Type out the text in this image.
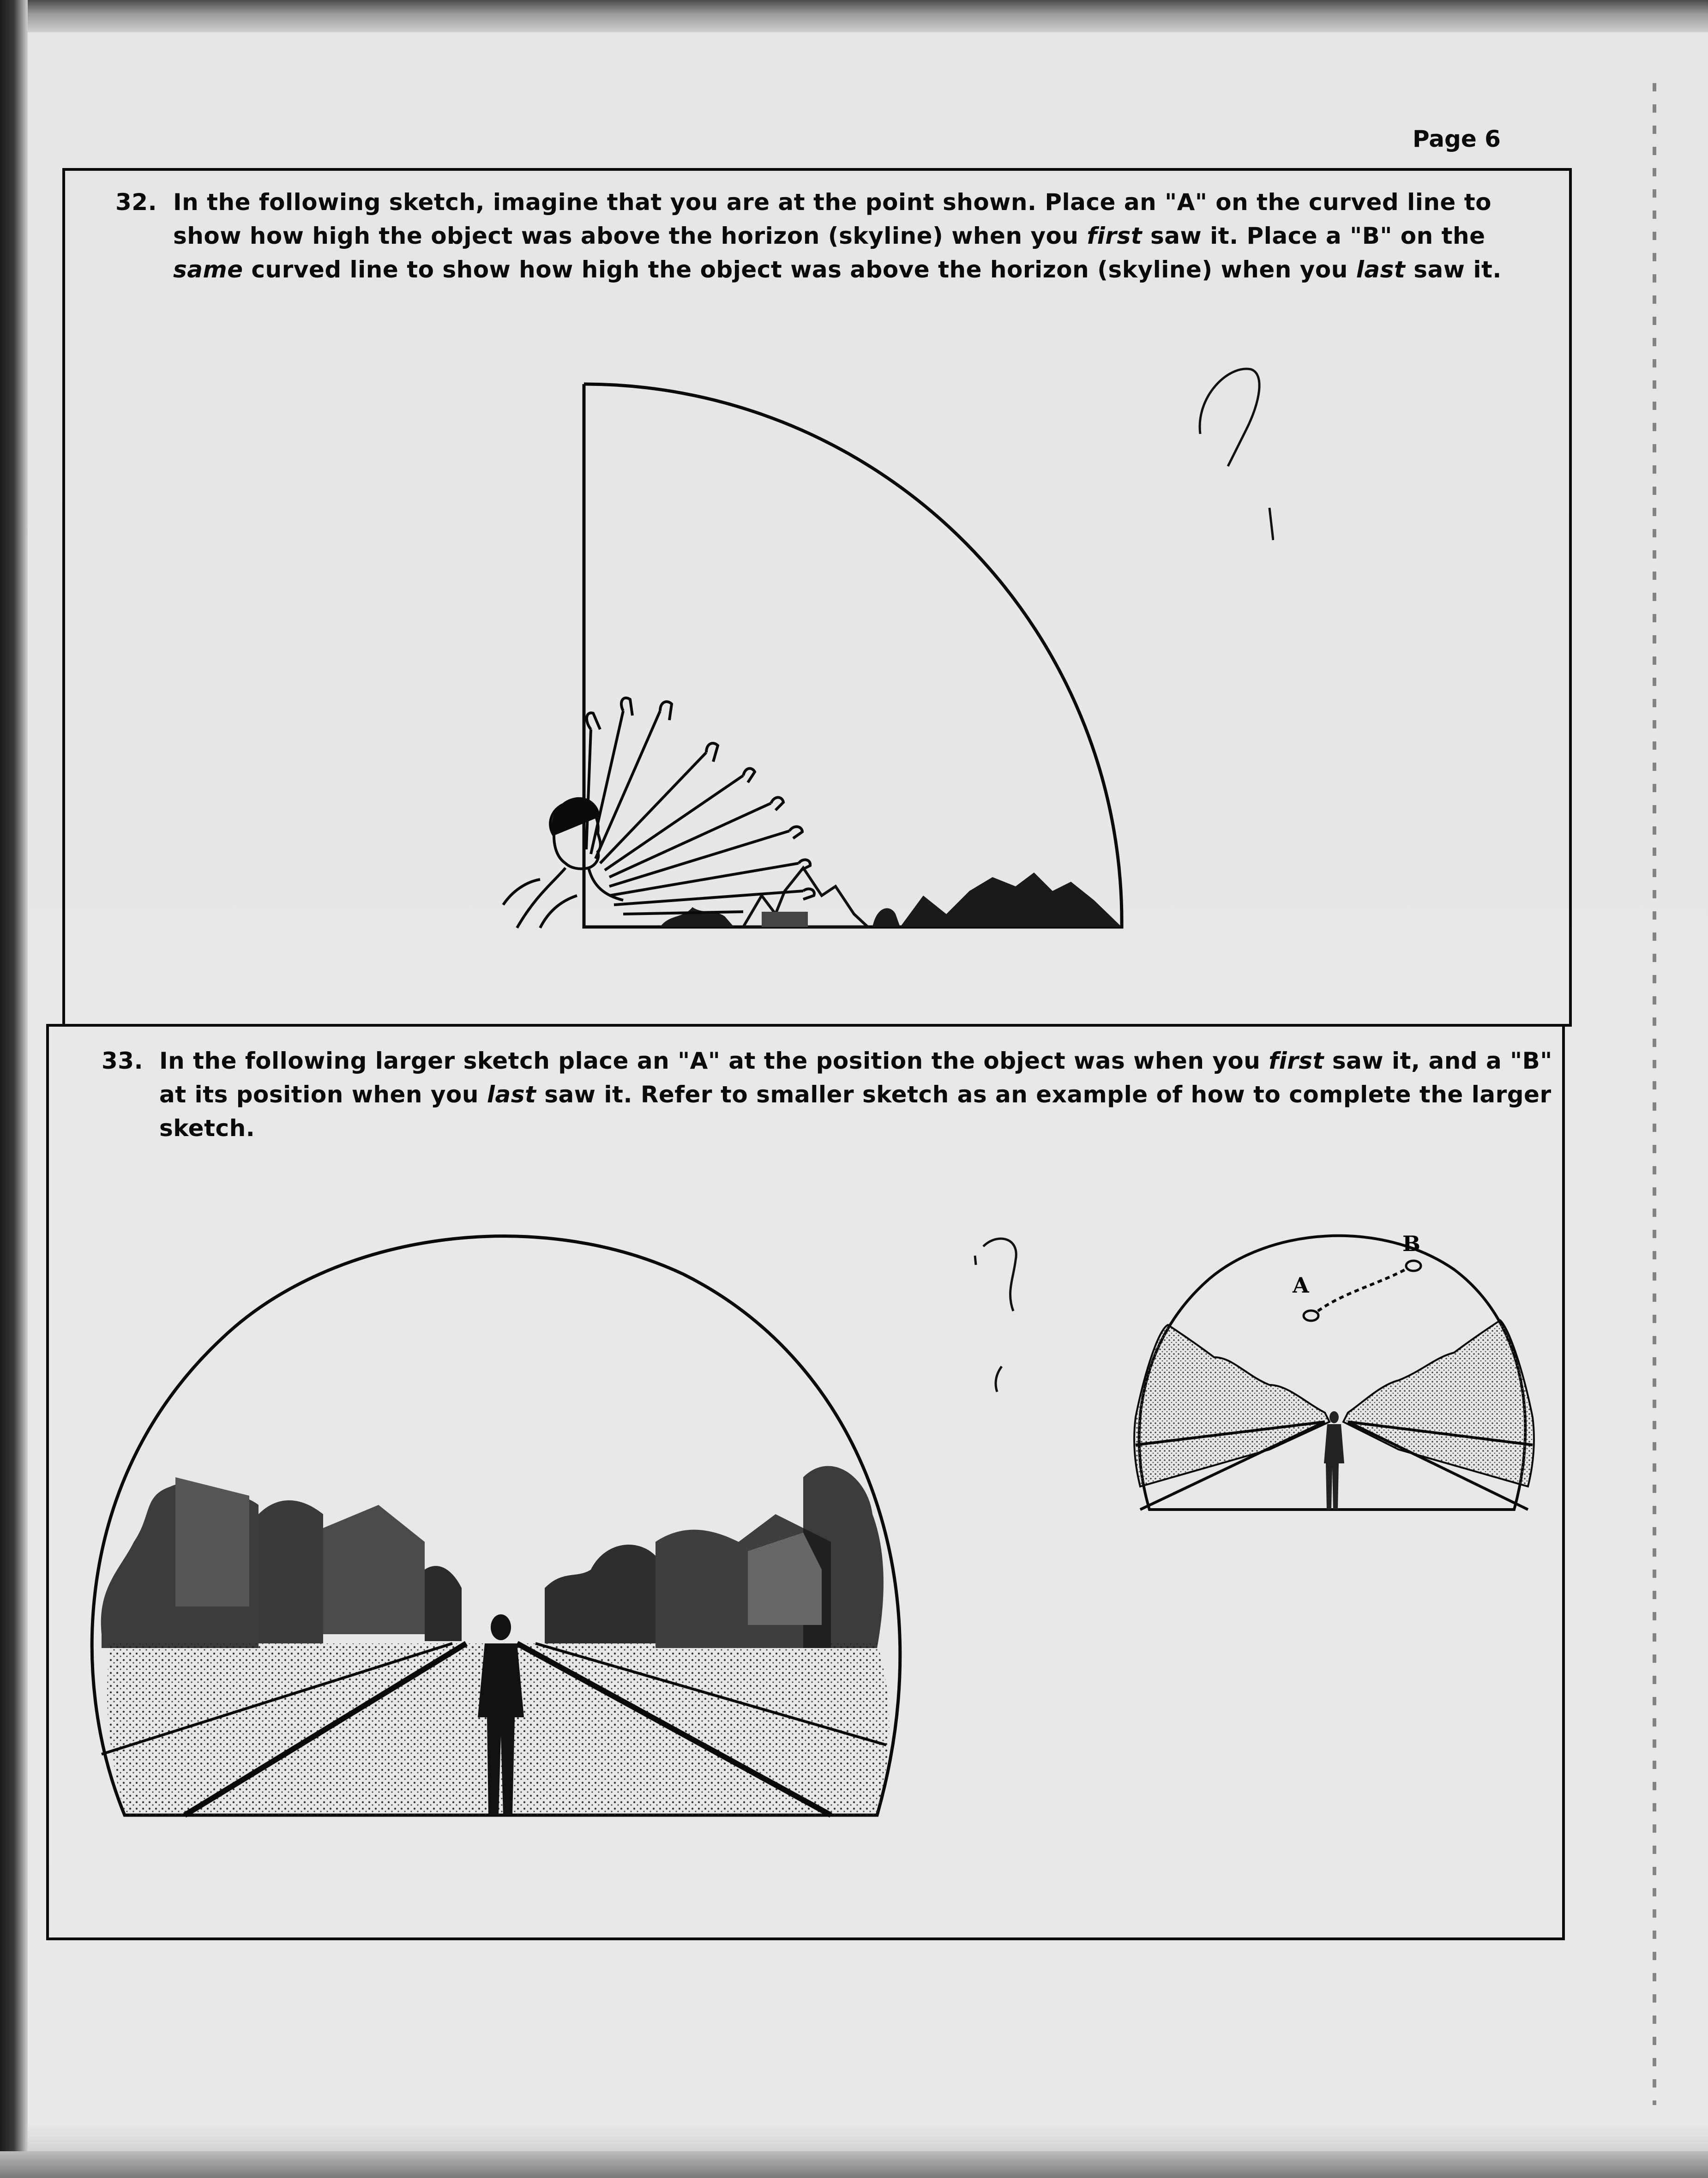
Page 6
32. In the following sketch, imagine that you are at the point shown. Place an "A" on the curved line to show how high the object was above the horizon (skyline) when you first saw it. Place a "B" on the same curved line to show how high the object was above the horizon (skyline) when you last saw it.
33. In the following larger sketch place an "A" at the position the object was when you first saw it, and a "B" at its position when you last saw it. Refer to smaller sketch as an example of how to complete the larger sketch.
A
B
